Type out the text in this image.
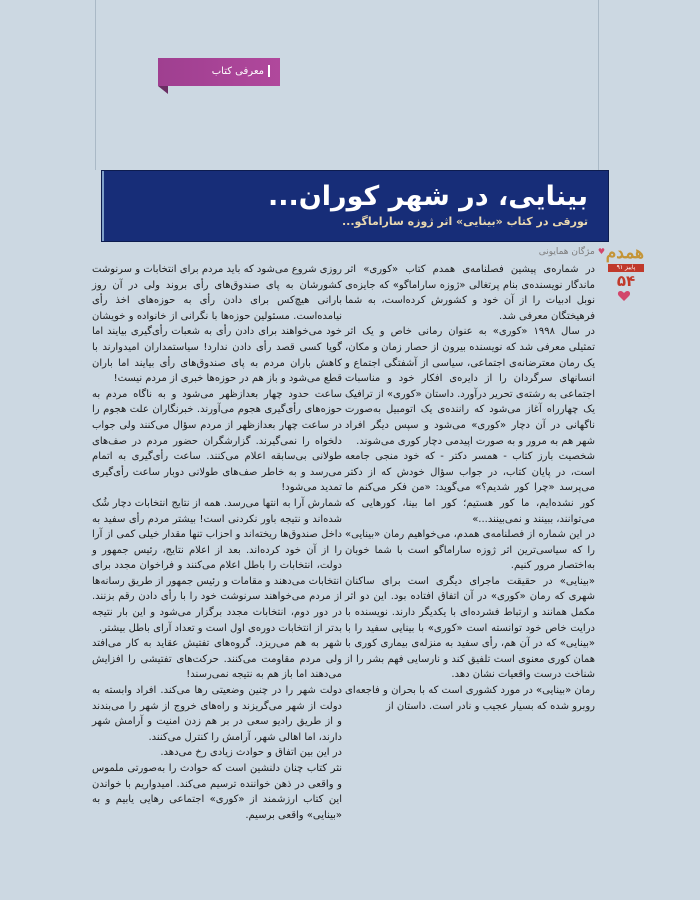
معرفی کتاب
بینایی، در شهر کوران...
تورقی در کتاب «بینایی» اثر ژوزه ساراماگو...
♥مژگان همایونی همدم
پاییز ۹۱
۵۴

در شماره‌ی پیشین فصلنامه‌ی همدم کتاب «کوری» اثر ماندگار نویسنده‌ی بنام پرتغالی «ژوزه ساراماگو» که جایزه‌ی نوبل ادبیات را از آن خود و کشورش کرده‌است، به شما فرهیختگان معرفی شد.

در سال ۱۹۹۸ «کوری» به عنوان رمانی خاص و یک اثر تمثیلی معرفی شد که نویسنده بیرون از حصار زمان و مکان، یک رمان معترضانه‌ی اجتماعی، سیاسی از آشفتگی اجتماع و انسانهای سرگردان را از دایره‌ی افکار خود و مناسبات اجتماعی به رشته‌ی تحریر درآورد. داستان «کوری» از ترافیک یک چهارراه آغاز می‌شود که راننده‌ی یک اتومبیل به‌صورت ناگهانی در آن دچار «کوری» می‌شود و سپس دیگر افراد شهر هم به مرور و به صورت اپیدمی دچار کوری می‌شوند.

شخصیت بارز کتاب - همسر دکتر - که خود منجی جامعه است، در پایان کتاب، در جواب سؤال خودش که از دکتر می‌پرسد «چرا کور شدیم؟» می‌گوید: «من فکر می‌کنم ما کور نشده‌ایم، ما کور هستیم؛ کور اما بینا، کورهایی که می‌توانند، ببینند و نمی‌بینند...»

در این شماره از فصلنامه‌ی همدم، می‌خواهیم رمان «بینایی» را که سیاسی‌ترین اثر ژوزه ساراماگو است با شما خوبان به‌اختصار مرور کنیم.

«بینایی» در حقیقت ماجرای دیگری است برای ساکنان شهری که رمان «کوری» در آن اتفاق افتاده بود. این دو اثر مکمل همانند و ارتباط فشرده‌ای با یکدیگر دارند. نویسنده با درایت خاص خود توانسته است «کوری» با بینایی سفید را با «بینایی» که در آن هم، رأی سفید به منزله‌ی بیماری کوری با همان کوری معنوی است تلفیق کند و نارسایی فهم بشر را از شناخت درست واقعیات نشان دهد.

رمان «بینایی» در مورد کشوری است که با بحران و فاجعه‌ای روبرو شده که بسیار عجیب و نادر است. داستان از

روزی شروع می‌شود که باید مردم برای انتخابات و سرنوشت کشورشان به پای صندوق‌های رأی بروند ولی در آن روز بارانی هیچ‌کس برای دادن رأی به حوزه‌های اخذ رأی نیامده‌است. مسئولین حوزه‌ها با نگرانی از خانواده و خویشان خود می‌خواهند برای دادن رأی به شعبات رأی‌گیری بیایند اما گویا کسی قصد رأی دادن ندارد! سیاستمداران امیدوارند با کاهش باران مردم به پای صندوق‌های رأی بیایند اما باران قطع می‌شود و باز هم در حوزه‌ها خبری از مردم نیست!

ساعت حدود چهار بعدازظهر می‌شود و به ناگاه مردم به حوزه‌های رأی‌گیری هجوم می‌آورند. خبرنگاران علت هجوم را در ساعت چهار بعدازظهر از مردم سؤال می‌کنند ولی جواب دلخواه را نمی‌گیرند. گزارشگران حضور مردم در صف‌های طولانی بی‌سابقه اعلام می‌کنند. ساعت رأی‌گیری به اتمام می‌رسد و به خاطر صف‌های طولانی دوبار ساعت رأی‌گیری تمدید می‌شود!

شمارش آرا به انتها می‌رسد. همه از نتایج انتخابات دچار شُک شده‌اند و نتیجه باور نکردنی است! بیشتر مردم رأی سفید به داخل صندوق‌ها ریخته‌اند و احزاب تنها مقدار خیلی کمی از آرا را از آن خود کرده‌اند. بعد از اعلام نتایج، رئیس جمهور و دولت، انتخابات را باطل اعلام می‌کنند و فراخوان مجدد برای انتخابات می‌دهند و مقامات و رئیس جمهور از طریق رسانه‌ها از مردم می‌خواهند سرنوشت خود را با رأی دادن رقم بزنند. در دور دوم، انتخابات مجدد برگزار می‌شود و این بار نتیجه بدتر از انتخابات دوره‌ی اول است و تعداد آرای باطل بیشتر.

شهر به هم می‌ریزد. گروه‌های تفتیش عقاید به کار می‌افتد ولی مردم مقاومت می‌کنند. حرکت‌های تفتیشی را افزایش می‌دهند اما باز هم به نتیجه نمی‌رسند!

دولت شهر را در چنین وضعیتی رها می‌کند. افراد وابسته به دولت از شهر می‌گریزند و راه‌های خروج از شهر را می‌بندند و از طریق رادیو سعی در بر هم زدن امنیت و آرامش شهر دارند، اما اهالی شهر، آرامش را کنترل می‌کنند.

در این بین اتفاق و حوادث زیادی رخ می‌دهد.

نثر کتاب چنان دلنشین است که حوادث را به‌صورتی ملموس و واقعی در ذهن خواننده ترسیم می‌کند. امیدواریم با خواندن این کتاب ارزشمند از «کوری» اجتماعی رهایی یابیم و به «بینایی» واقعی برسیم.
